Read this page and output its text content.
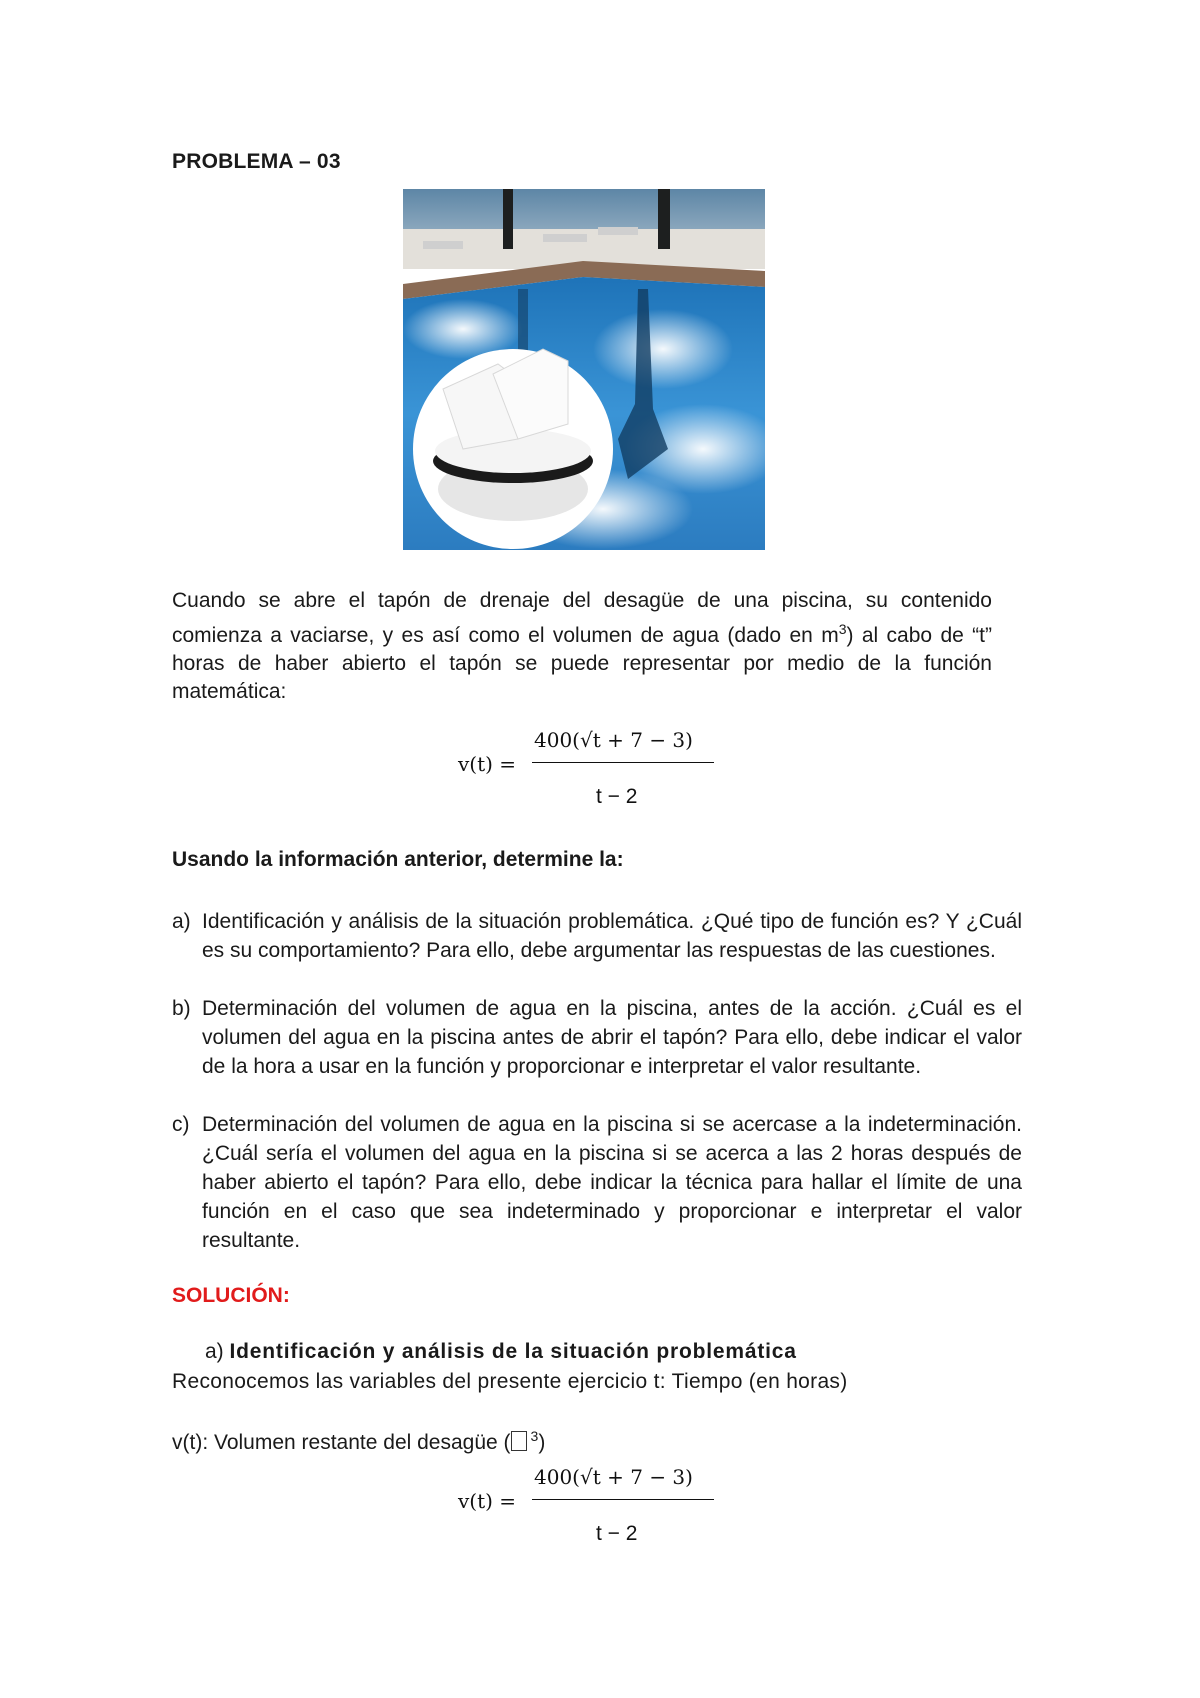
PROBLEMA – 03
Cuando se abre el tapón de drenaje del desagüe de una piscina, su contenido comienza a vaciarse, y es así como el volumen de agua (dado en $m^3$) al cabo de “t” horas de haber abierto el tapón se puede representar por medio de la función matemática:
v(t) =
400(√t + 7 − 3)
t − 2
Usando la información anterior, determine la:
a) Identificación y análisis de la situación problemática. ¿Qué tipo de función es? Y ¿Cuál es su comportamiento? Para ello, debe argumentar las respuestas de las cuestiones.
b) Determinación del volumen de agua en la piscina, antes de la acción. ¿Cuál es el volumen del agua en la piscina antes de abrir el tapón? Para ello, debe indicar el valor de la hora a usar en la función y proporcionar e interpretar el valor resultante.
c) Determinación del volumen de agua en la piscina si se acercase a la indeterminación. ¿Cuál sería el volumen del agua en la piscina si se acerca a las 2 horas después de haber abierto el tapón? Para ello, debe indicar la técnica para hallar el límite de una función en el caso que sea indeterminado y proporcionar e interpretar el valor resultante.
SOLUCIÓN:
a) Identificación y análisis de la situación problemática
Reconocemos las variables del presente ejercicio t: Tiempo (en horas)
v(t): Volumen restante del desagüe ( $^3$)
v(t) =
400(√t + 7 − 3)
t − 2
